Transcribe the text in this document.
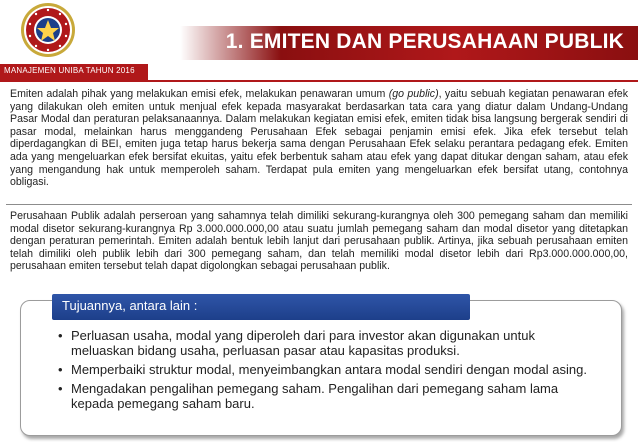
1. EMITEN DAN PERUSAHAAN PUBLIK
MANAJEMEN UNIBA TAHUN 2016
Emiten adalah pihak yang melakukan emisi efek, melakukan penawaran umum (go public), yaitu sebuah kegiatan penawaran efek yang dilakukan oleh emiten untuk menjual efek kepada masyarakat berdasarkan tata cara yang diatur dalam Undang-Undang Pasar Modal dan peraturan pelaksanaannya. Dalam melakukan kegiatan emisi efek, emiten tidak bisa langsung bergerak sendiri di pasar modal, melainkan harus menggandeng Perusahaan Efek sebagai penjamin emisi efek. Jika efek tersebut telah diperdagangkan di BEI, emiten juga tetap harus bekerja sama dengan Perusahaan Efek selaku perantara pedagang efek. Emiten ada yang mengeluarkan efek bersifat ekuitas, yaitu efek berbentuk saham atau efek yang dapat ditukar dengan saham, atau efek yang mengandung hak untuk memperoleh saham. Terdapat pula emiten yang mengeluarkan efek bersifat utang, contohnya obligasi.
Perusahaan Publik adalah perseroan yang sahamnya telah dimiliki sekurang-kurangnya oleh 300 pemegang saham dan memiliki modal disetor sekurang-kurangnya Rp 3.000.000.000,00 atau suatu jumlah pemegang saham dan modal disetor yang ditetapkan dengan peraturan pemerintah. Emiten adalah bentuk lebih lanjut dari perusahaan publik. Artinya, jika sebuah perusahaan emiten telah dimiliki oleh publik lebih dari 300 pemegang saham, dan telah memiliki modal disetor lebih dari Rp3.000.000.000,00, perusahaan emiten tersebut telah dapat digolongkan sebagai perusahaan publik.
Tujuannya, antara lain :
• Perluasan usaha, modal yang diperoleh dari para investor akan digunakan untuk meluaskan bidang usaha, perluasan pasar atau kapasitas produksi.
• Memperbaiki struktur modal, menyeimbangkan antara modal sendiri dengan modal asing.
• Mengadakan pengalihan pemegang saham. Pengalihan dari pemegang saham lama kepada pemegang saham baru.
